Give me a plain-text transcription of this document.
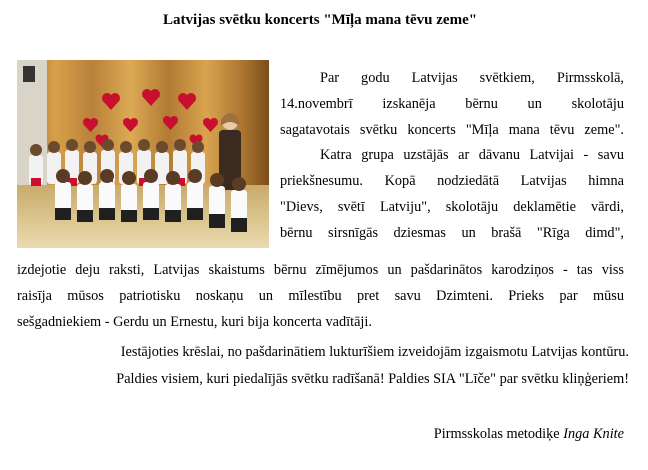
Latvijas svētku koncerts "Mīļa mana tēvu zeme"

Par godu Latvijas svētkiem, Pirmsskolā,
14.novembrī izskanēja bērnu un skolotāju
sagatavotais svētku koncerts "Mīļa mana tēvu zeme".
Katra grupa uzstājās ar dāvanu Latvijai - savu
priekšnesumu. Kopā nodziedātā Latvijas himna
"Dievs, svētī Latviju", skolotāju deklamētie vārdi,
bērnu sirsnīgās dziesmas un brašā "Rīga dimd",

izdejotie deju raksti, Latvijas skaistums bērnu zīmējumos un pašdarinātos karodziņos - tas viss
raisīja mūsos patriotisku noskaņu un mīlestību pret savu Dzimteni. Prieks par mūsu
sešgadniekiem - Gerdu un Ernestu, kuri bija koncerta vadītāji.

Iestājoties krēslai, no pašdarinātiem lukturīšiem izveidojām izgaismotu Latvijas kontūru.

Paldies visiem, kuri piedalījās svētku radīšanā! Paldies SIA "Līče" par svētku kliņģeriem!

Pirmsskolas metodiķe Inga Knite
